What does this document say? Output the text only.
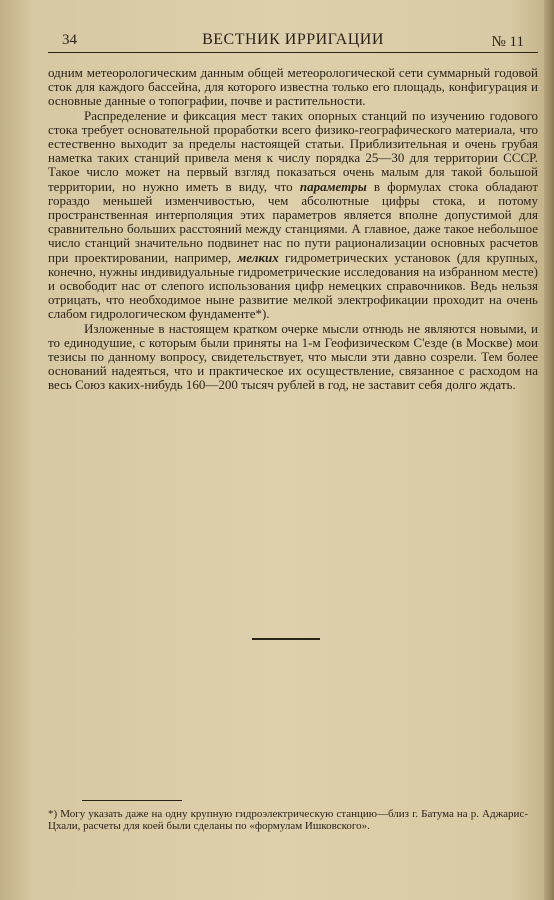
34	ВЕСТНИК ИРРИГАЦИИ	№ 11

одним метеорологическим данным общей метеорологической сети суммарный годовой сток для каждого бассейна, для которого известна только его площадь, конфигурация и основные данные о топографии, почве и растительности.

Распределение и фиксация мест таких опорных станций по изучению годового стока требует основательной проработки всего физико-географического материала, что естественно выходит за пределы настоящей статьи. Приблизительная и очень грубая наметка таких станций привела меня к числу порядка 25—30 для территории СССР. Такое число может на первый взгляд показаться очень малым для такой большой территории, но нужно иметь в виду, что параметры в формулах стока обладают гораздо меньшей изменчивостью, чем абсолютные цифры стока, и потому пространственная интерполяция этих параметров является вполне допустимой для сравнительно больших расстояний между станциями. А главное, даже такое небольшое число станций значительно подвинет нас по пути рационализации основных расчетов при проектировании, например, мелких гидрометрических установок (для крупных, конечно, нужны индивидуальные гидрометрические исследования на избранном месте) и освободит нас от слепого использования цифр немецких справочников. Ведь нельзя отрицать, что необходимое ныне развитие мелкой электрофикации проходит на очень слабом гидрологическом фундаменте*).

Изложенные в настоящем кратком очерке мысли отнюдь не являются новыми, и то единодушие, с которым были приняты на 1-м Геофизическом С'езде (в Москве) мои тезисы по данному вопросу, свидетельствует, что мысли эти давно созрели. Тем более оснований надеяться, что и практическое их осуществление, связанное с расходом на весь Союз каких-нибудь 160—200 тысяч рублей в год, не заставит себя долго ждать.

*) Могу указать даже на одну крупную гидроэлектрическую станцию—близ г. Батума на р. Аджарис-Цхали, расчеты для коей были сделаны по «формулам Ишковского».
